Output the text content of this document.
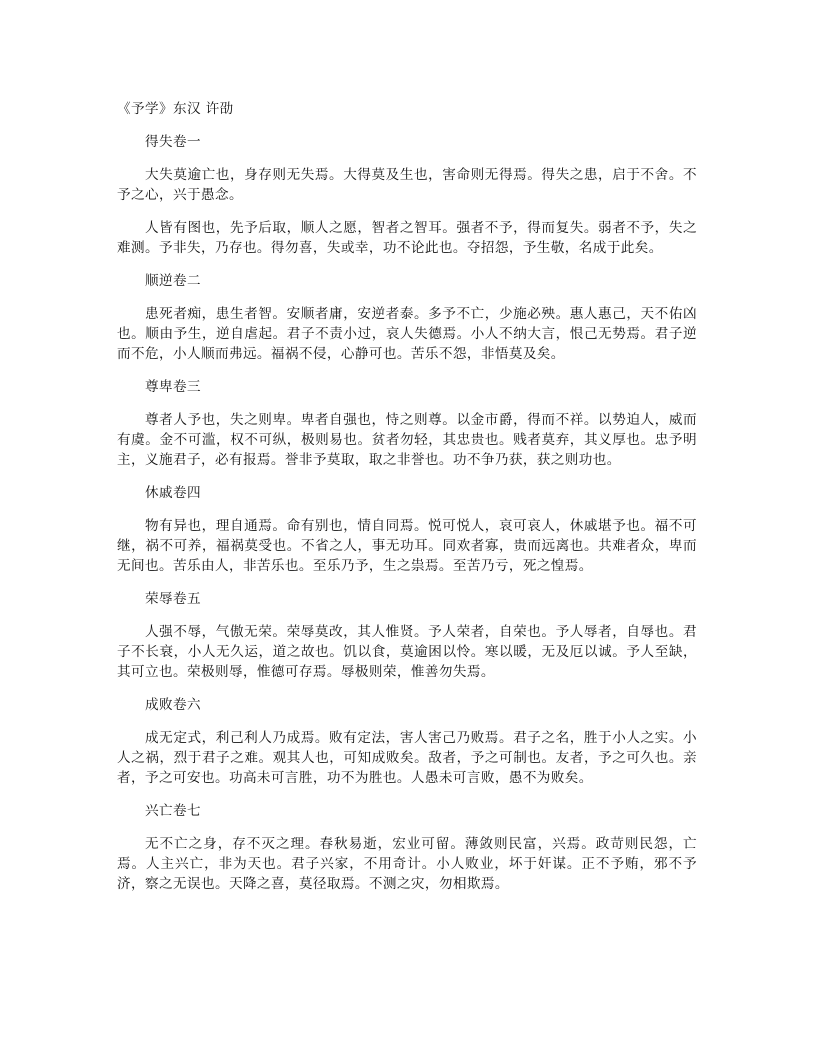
《予学》东汉 许劭
得失卷一

大失莫逾亡也，身存则无失焉。大得莫及生也，害命则无得焉。得失之患，启于不舍。不予之心，兴于愚念。

人皆有图也，先予后取，顺人之愿，智者之智耳。强者不予，得而复失。弱者不予，失之难测。予非失，乃存也。得勿喜，失或幸，功不论此也。夺招怨，予生敬，名成于此矣。

顺逆卷二

患死者痴，患生者智。安顺者庸，安逆者泰。多予不亡，少施必殃。惠人惠己，天不佑凶也。顺由予生，逆自虐起。君子不责小过，哀人失德焉。小人不纳大言，恨己无势焉。君子逆而不危，小人顺而弗远。福祸不侵，心静可也。苦乐不怨，非悟莫及矣。

尊卑卷三

尊者人予也，失之则卑。卑者自强也，恃之则尊。以金市爵，得而不祥。以势迫人，威而有虞。金不可滥，权不可纵，极则易也。贫者勿轻，其忠贵也。贱者莫弃，其义厚也。忠予明主，义施君子，必有报焉。誉非予莫取，取之非誉也。功不争乃获，获之则功也。

休戚卷四

物有异也，理自通焉。命有别也，情自同焉。悦可悦人，哀可哀人，休戚堪予也。福不可继，祸不可养，福祸莫受也。不省之人，事无功耳。同欢者寡，贵而远离也。共难者众，卑而无间也。苦乐由人，非苦乐也。至乐乃予，生之祟焉。至苦乃亏，死之惶焉。

荣辱卷五

人强不辱，气傲无荣。荣辱莫改，其人惟贤。予人荣者，自荣也。予人辱者，自辱也。君子不长衰，小人无久运，道之故也。饥以食，莫逾困以怜。寒以暖，无及厄以诚。予人至缺，其可立也。荣极则辱，惟德可存焉。辱极则荣，惟善勿失焉。

成败卷六

成无定式，利己利人乃成焉。败有定法，害人害己乃败焉。君子之名，胜于小人之实。小人之祸，烈于君子之难。观其人也，可知成败矣。敌者，予之可制也。友者，予之可久也。亲者，予之可安也。功高未可言胜，功不为胜也。人愚未可言败，愚不为败矣。

兴亡卷七

无不亡之身，存不灭之理。春秋易逝，宏业可留。薄敛则民富，兴焉。政苛则民怨，亡焉。人主兴亡，非为天也。君子兴家，不用奇计。小人败业，坏于奸谋。正不予贿，邪不予济，察之无误也。天降之喜，莫径取焉。不测之灾，勿相欺焉。
